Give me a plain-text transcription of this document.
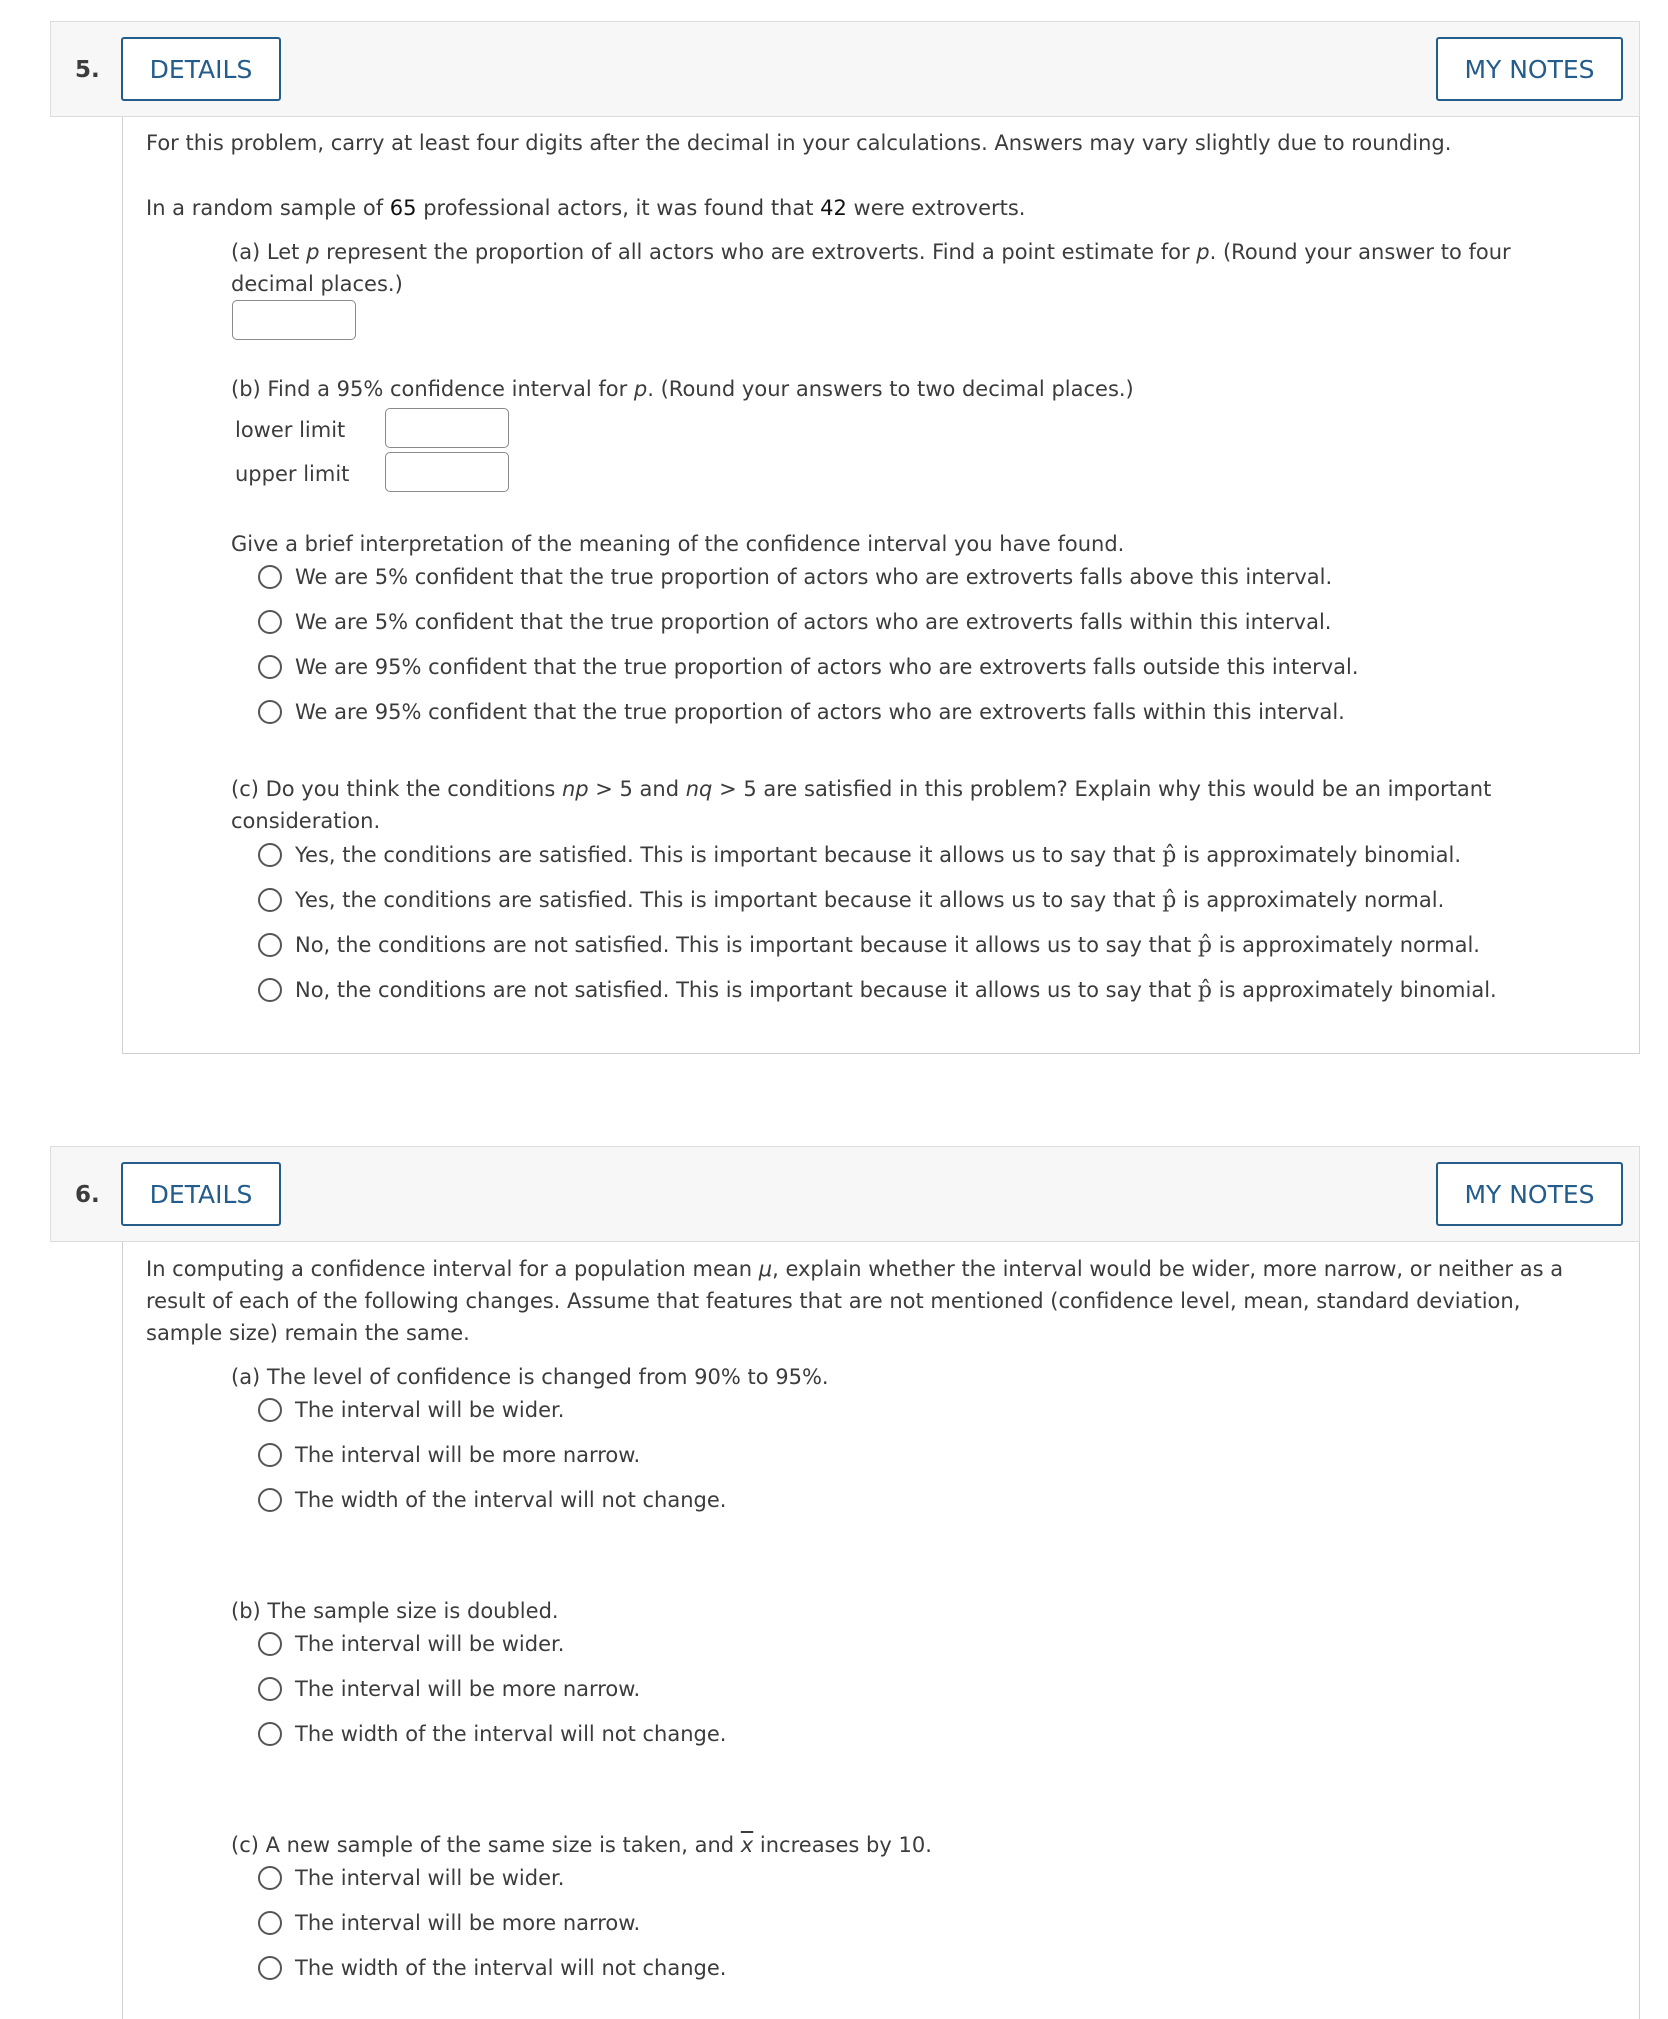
5.	DETAILS	MY NOTES
For this problem, carry at least four digits after the decimal in your calculations. Answers may vary slightly due to rounding.
In a random sample of 65 professional actors, it was found that 42 were extroverts.
(a) Let p represent the proportion of all actors who are extroverts. Find a point estimate for p. (Round your answer to four
decimal places.)
(b) Find a 95% confidence interval for p. (Round your answers to two decimal places.)
lower limit
upper limit
Give a brief interpretation of the meaning of the confidence interval you have found.
We are 5% confident that the true proportion of actors who are extroverts falls above this interval.
We are 5% confident that the true proportion of actors who are extroverts falls within this interval.
We are 95% confident that the true proportion of actors who are extroverts falls outside this interval.
We are 95% confident that the true proportion of actors who are extroverts falls within this interval.
(c) Do you think the conditions np > 5 and nq > 5 are satisfied in this problem? Explain why this would be an important
consideration.
Yes, the conditions are satisfied. This is important because it allows us to say that p̂ is approximately binomial.
Yes, the conditions are satisfied. This is important because it allows us to say that p̂ is approximately normal.
No, the conditions are not satisfied. This is important because it allows us to say that p̂ is approximately normal.
No, the conditions are not satisfied. This is important because it allows us to say that p̂ is approximately binomial.
6.	DETAILS	MY NOTES
In computing a confidence interval for a population mean μ, explain whether the interval would be wider, more narrow, or neither as a
result of each of the following changes. Assume that features that are not mentioned (confidence level, mean, standard deviation,
sample size) remain the same.
(a) The level of confidence is changed from 90% to 95%.
The interval will be wider.
The interval will be more narrow.
The width of the interval will not change.
(b) The sample size is doubled.
The interval will be wider.
The interval will be more narrow.
The width of the interval will not change.
(c) A new sample of the same size is taken, and $\overline{x}$ increases by 10.
The interval will be wider.
The interval will be more narrow.
The width of the interval will not change.
